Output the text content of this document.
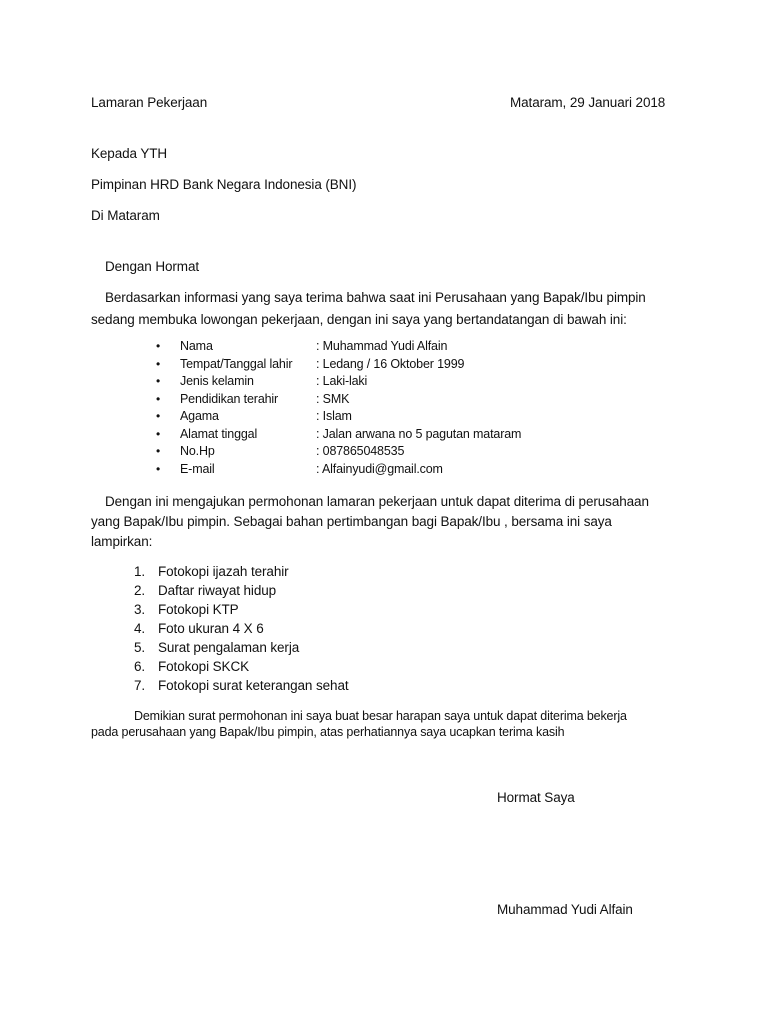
Lamaran Pekerjaan	Mataram, 29 Januari 2018
Kepada YTH
Pimpinan HRD Bank Negara Indonesia (BNI)
Di Mataram
Dengan Hormat
Berdasarkan informasi yang saya terima bahwa saat ini Perusahaan yang Bapak/Ibu pimpin
sedang membuka lowongan pekerjaan, dengan ini saya yang bertandatangan di bawah ini:
• Nama	: Muhammad Yudi Alfain
• Tempat/Tanggal lahir : Ledang / 16 Oktober 1999
• Jenis kelamin	: Laki-laki
• Pendidikan terahir	: SMK
• Agama	: Islam
• Alamat tinggal	: Jalan arwana no 5 pagutan mataram
• No.Hp	: 087865048535
• E-mail	: Alfainyudi@gmail.com
Dengan ini mengajukan permohonan lamaran pekerjaan untuk dapat diterima di perusahaan
yang Bapak/Ibu pimpin. Sebagai bahan pertimbangan bagi Bapak/Ibu , bersama ini saya
lampirkan:
1. Fotokopi ijazah terahir
2. Daftar riwayat hidup
3. Fotokopi KTP
4. Foto ukuran 4 X 6
5. Surat pengalaman kerja
6. Fotokopi SKCK
7. Fotokopi surat keterangan sehat
Demikian surat permohonan ini saya buat besar harapan saya untuk dapat diterima bekerja
pada perusahaan yang Bapak/Ibu pimpin, atas perhatiannya saya ucapkan terima kasih
Hormat Saya
Muhammad Yudi Alfain
